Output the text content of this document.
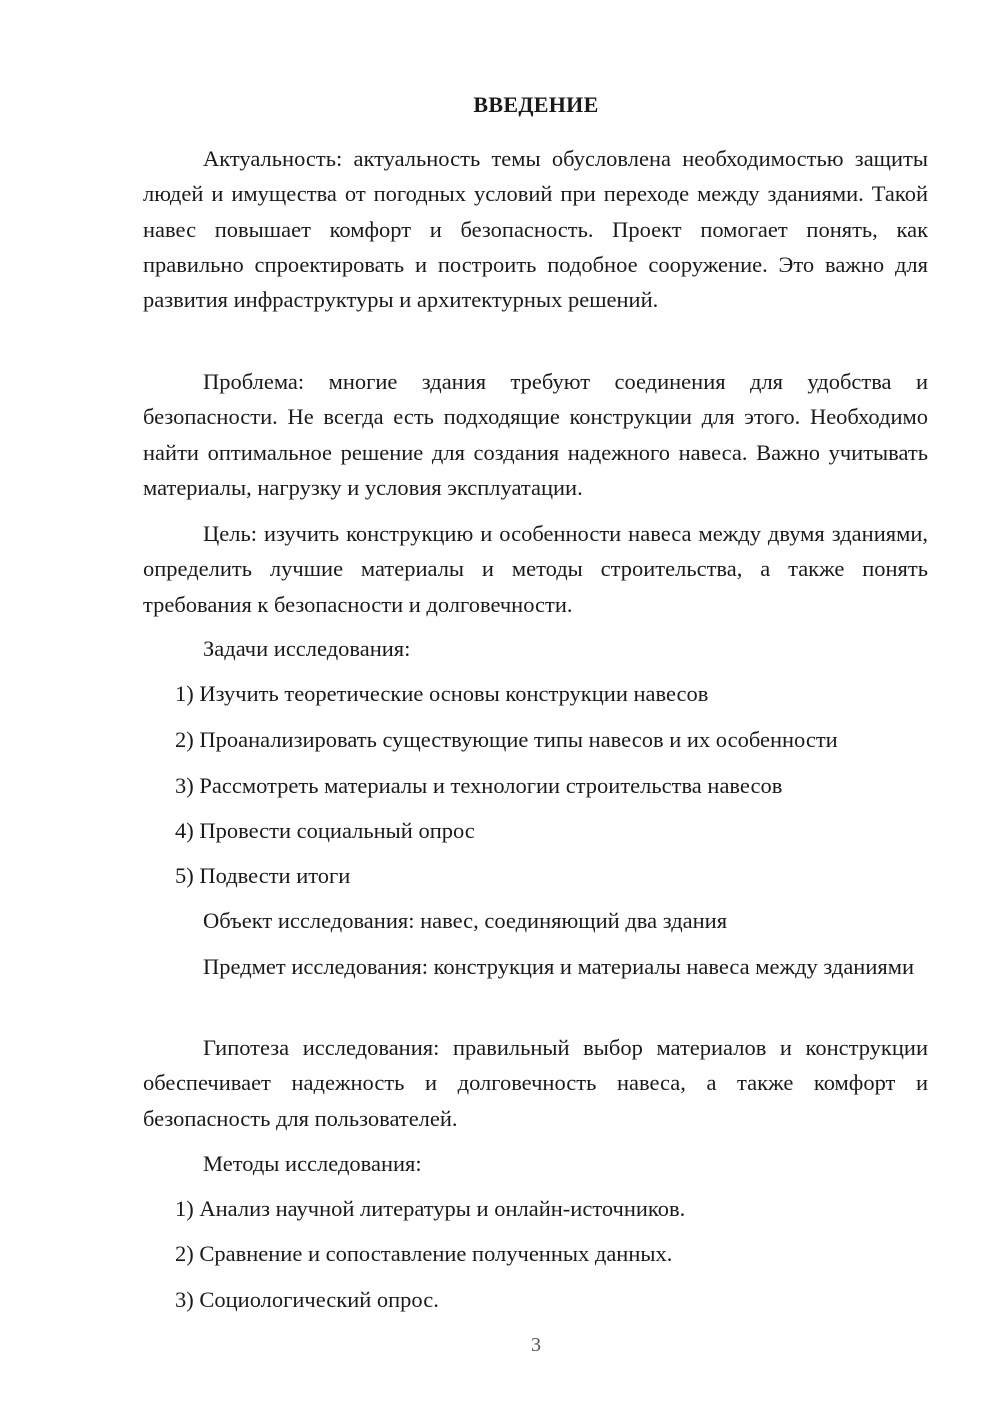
ВВЕДЕНИЕ

Актуальность: актуальность темы обусловлена необходимостью защиты людей и имущества от погодных условий при переходе между зданиями. Такой навес повышает комфорт и безопасность. Проект помогает понять, как правильно спроектировать и построить подобное сооружение. Это важно для развития инфраструктуры и архитектурных решений.

Проблема: многие здания требуют соединения для удобства и безопасности. Не всегда есть подходящие конструкции для этого. Необходимо найти оптимальное решение для создания надежного навеса. Важно учитывать материалы, нагрузку и условия эксплуатации.

Цель: изучить конструкцию и особенности навеса между двумя зданиями, определить лучшие материалы и методы строительства, а также понять требования к безопасности и долговечности.

Задачи исследования:

1) Изучить теоретические основы конструкции навесов

2) Проанализировать существующие типы навесов и их особенности

3) Рассмотреть материалы и технологии строительства навесов

4) Провести социальный опрос

5) Подвести итоги

Объект исследования: навес, соединяющий два здания

Предмет исследования: конструкция и материалы навеса между зданиями

Гипотеза исследования: правильный выбор материалов и конструкции обеспечивает надежность и долговечность навеса, а также комфорт и безопасность для пользователей.

Методы исследования:

1) Анализ научной литературы и онлайн-источников.

2) Сравнение и сопоставление полученных данных.

3) Социологический опрос.

3
